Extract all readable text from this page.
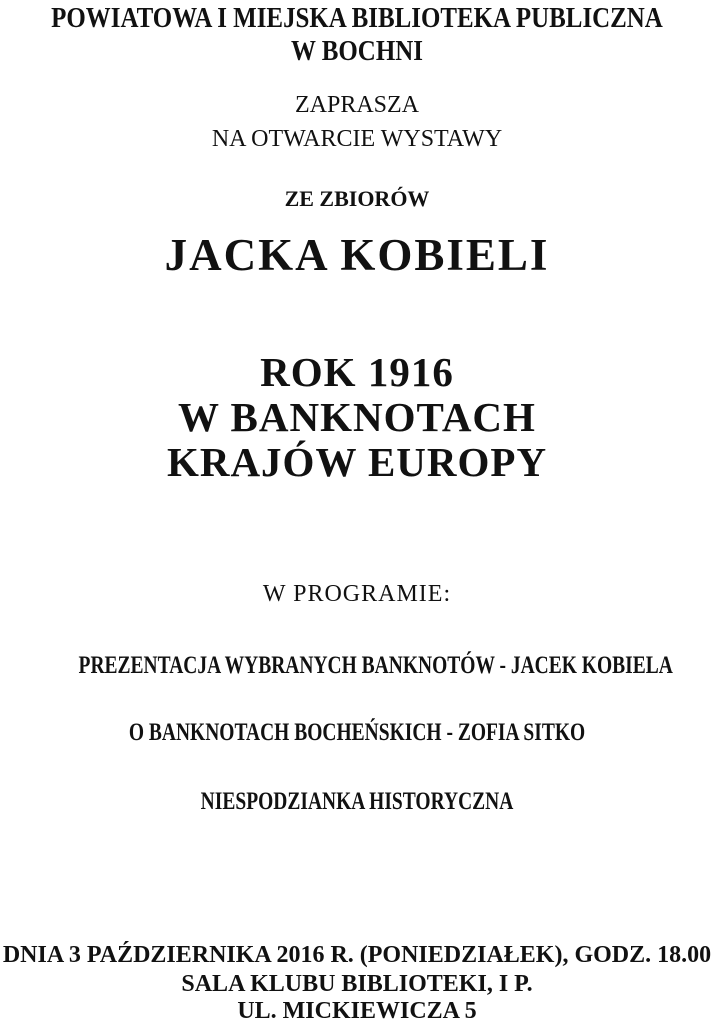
POWIATOWA I MIEJSKA BIBLIOTEKA PUBLICZNA
W BOCHNI
ZAPRASZA
NA OTWARCIE WYSTAWY
ZE ZBIORÓW
JACKA KOBIELI
ROK 1916
W BANKNOTACH
KRAJÓW EUROPY
W PROGRAMIE:
PREZENTACJA WYBRANYCH BANKNOTÓW - JACEK KOBIELA
O BANKNOTACH BOCHEŃSKICH - ZOFIA SITKO
NIESPODZIANKA HISTORYCZNA
DNIA 3 PAŹDZIERNIKA 2016 R. (PONIEDZIAŁEK), GODZ. 18.00
SALA KLUBU BIBLIOTEKI, I P.
UL. MICKIEWICZA 5
